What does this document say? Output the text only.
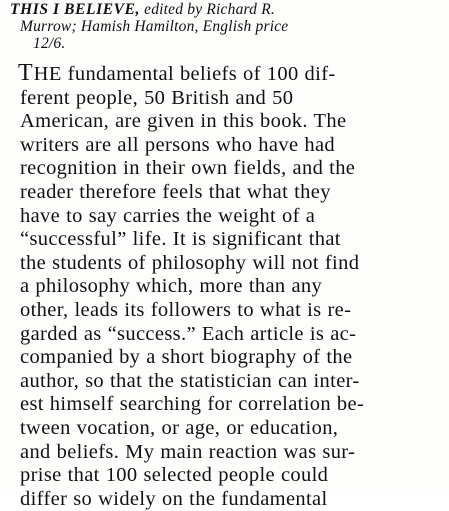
THIS I BELIEVE, edited by Richard R.
Murrow; Hamish Hamilton, English price
12/6.
THE fundamental beliefs of 100 dif-
ferent people, 50 British and 50
American, are given in this book. The
writers are all persons who have had
recognition in their own fields, and the
reader therefore feels that what they
have to say carries the weight of a
“successful” life. It is significant that
the students of philosophy will not find
a philosophy which, more than any
other, leads its followers to what is re-
garded as “success.” Each article is ac-
companied by a short biography of the
author, so that the statistician can inter-
est himself searching for correlation be-
tween vocation, or age, or education,
and beliefs. My main reaction was sur-
prise that 100 selected people could
differ so widely on the fundamental
